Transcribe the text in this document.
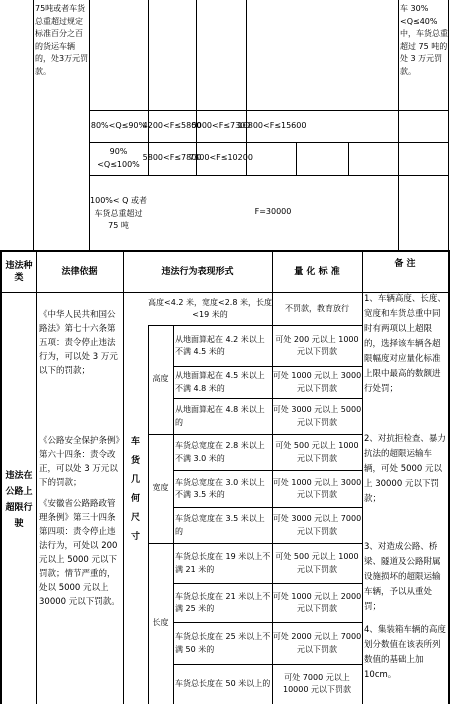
75吨或者车货总重超过规定标准百分之百的货运车辆的，处3万元罚款。
车 30%<Q≤40%中，车货总重超过 75 吨的处 3 万元罚款。
80%<Q≤90%
4200<F≤5800
5000<F≤7300
10800<F≤15600
90%<Q≤100%
5800<F≤7800
7300<F≤10200
100%< Q 或者车货总重超过 75 吨
F=30000
违法种类
法律依据	违法行为表现形式	量 化 标 准
备 注
违法在公路上超限行驶
《中华人民共和国公路法》第七十六条第五项：责令停止违法行为，可以处 3 万元以下的罚款；
《公路安全保护条例》第六十四条：责令改正，可以处 3 万元以下的罚款；
《安徽省公路路政管理条例》第三十四条第四项：责令停止违法行为，可处以 200 元以上 5000 元以下罚款；情节严重的，处以 5000 元以上 30000 元以下罚款。
车货几何尺寸
高度<4.2 米，宽度<2.8 米，长度<19 米的
不罚款，教育放行
高度
宽度
长度
从地面算起在 4.2 米以上不满 4.5 米的
可处 200 元以上 1000 元以下罚款
从地面算起在 4.5 米以上不满 4.8 米的
可处 1000 元以上 3000 元以下罚款
从地面算起在 4.8 米以上的
可处 3000 元以上 5000 元以下罚款
车货总宽度在 2.8 米以上不满 3.0 米的
可处 500 元以上 1000 元以下罚款
车货总宽度在 3.0 米以上不满 3.5 米的
可处 1000 元以上 3000 元以下罚款
车货总宽度在 3.5 米以上的
可处 3000 元以上 7000 元以下罚款
车货总长度在 19 米以上不满 21 米的
可处 500 元以上 1000 元以下罚款
车货总长度在 21 米以上不满 25 米的
可处 1000 元以上 2000 元以下罚款
车货总长度在 25 米以上不满 50 米的
可处 2000 元以上 7000 元以下罚款
车货总长度在 50 米以上的
可处 7000 元以上 10000 元以下罚款
1、车辆高度、长度、宽度和车货总重中同时有两项以上超限的，选择该车辆各超限幅度对应量化标准上限中最高的数额进行处罚；
2、对抗拒检查、暴力抗法的超限运输车辆，可处 5000 元以上 30000 元以下罚款；
3、对造成公路、桥梁、隧道及公路附属设施损坏的超限运输车辆，予以从重处罚；
4、集装箱车辆的高度划分数值在该表所列数值的基础上加 10cm。
